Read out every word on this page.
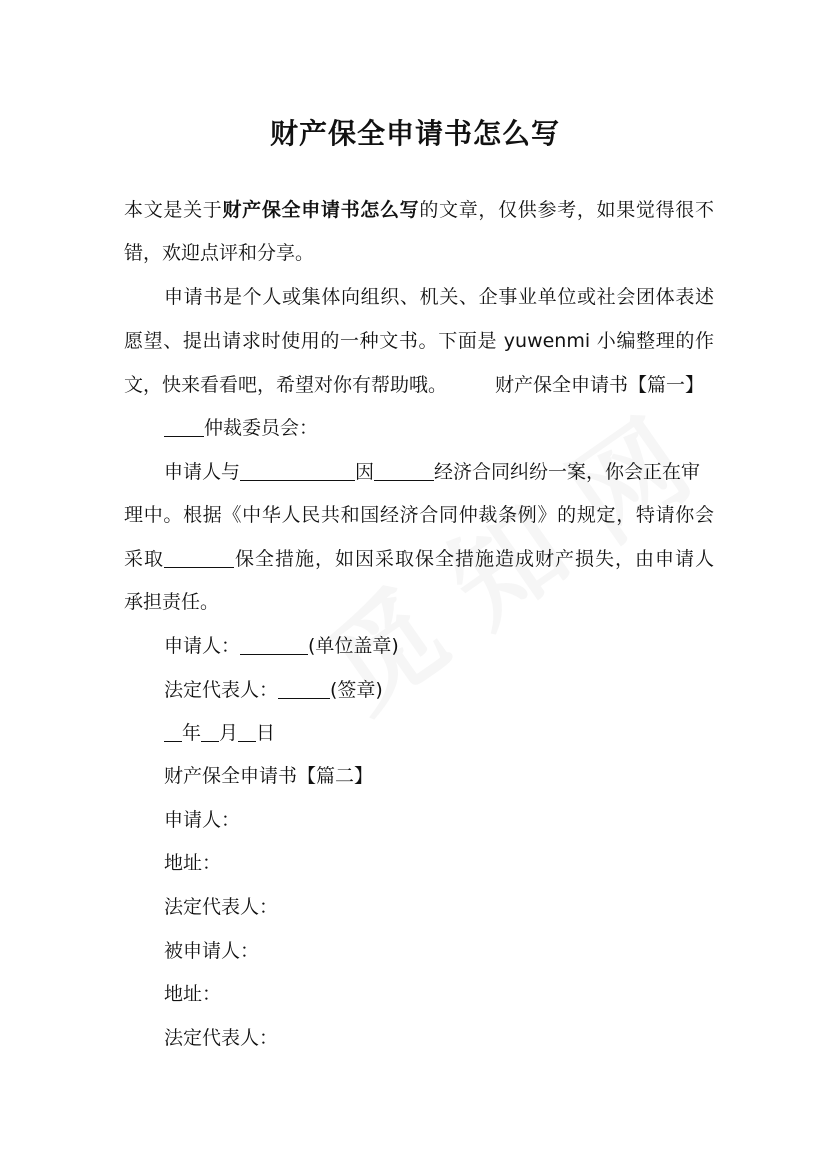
财产保全申请书怎么写
本文是关于财产保全申请书怎么写的文章，仅供参考，如果觉得很不
错，欢迎点评和分享。
申请书是个人或集体向组织、机关、企事业单位或社会团体表述
愿望、提出请求时使用的一种文书。下面是 yuwenmi 小编整理的作
文，快来看看吧，希望对你有帮助哦。	财产保全申请书【篇一】
仲裁委员会：
申请人与	因	经济合同纠纷一案，你会正在审
理中。根据《中华人民共和国经济合同仲裁条例》的规定，特请你会
采取	保全措施，如因采取保全措施造成财产损失，由申请人
承担责任。
申请人：	(单位盖章)
法定代表人：	(签章)
年 月 日
财产保全申请书【篇二】
申请人：
地址：
法定代表人：
被申请人：
地址：
法定代表人：
